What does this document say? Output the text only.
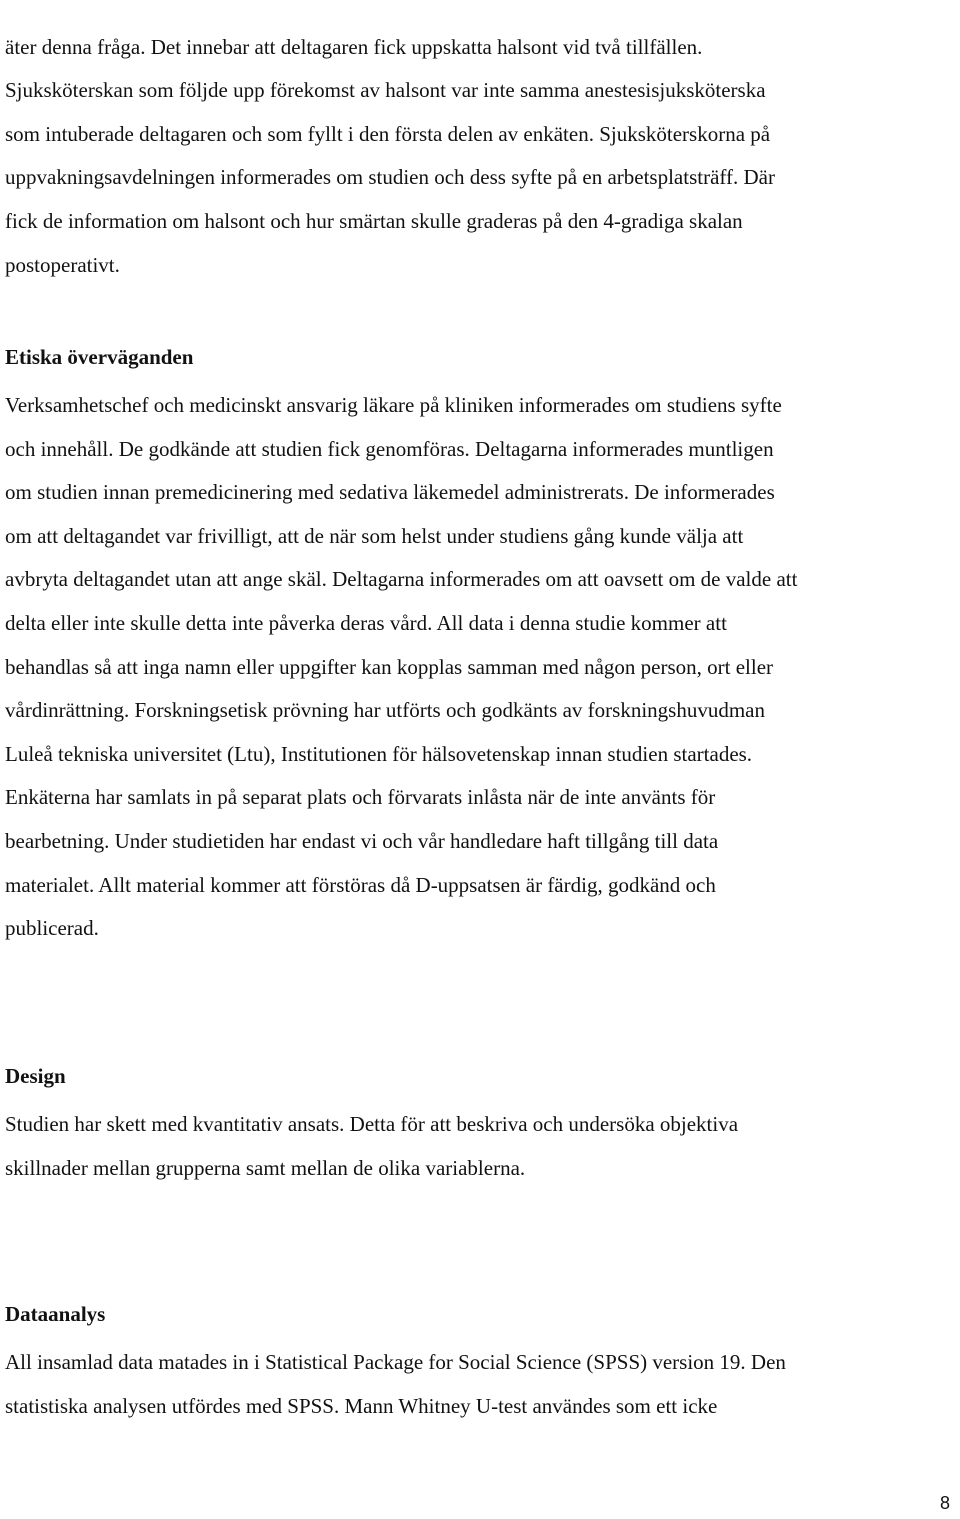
äter denna fråga. Det innebar att deltagaren fick uppskatta halsont vid två tillfällen.
Sjuksköterskan som följde upp förekomst av halsont var inte samma anestesisjuksköterska
som intuberade deltagaren och som fyllt i den första delen av enkäten. Sjuksköterskorna på
uppvakningsavdelningen informerades om studien och dess syfte på en arbetsplatsträff. Där
fick de information om halsont och hur smärtan skulle graderas på den 4-gradiga skalan
postoperativt.

Etiska överväganden

Verksamhetschef och medicinskt ansvarig läkare på kliniken informerades om studiens syfte
och innehåll. De godkände att studien fick genomföras. Deltagarna informerades muntligen
om studien innan premedicinering med sedativa läkemedel administrerats. De informerades
om att deltagandet var frivilligt, att de när som helst under studiens gång kunde välja att
avbryta deltagandet utan att ange skäl. Deltagarna informerades om att oavsett om de valde att
delta eller inte skulle detta inte påverka deras vård. All data i denna studie kommer att
behandlas så att inga namn eller uppgifter kan kopplas samman med någon person, ort eller
vårdinrättning. Forskningsetisk prövning har utförts och godkänts av forskningshuvudman
Luleå tekniska universitet (Ltu), Institutionen för hälsovetenskap innan studien startades.
Enkäterna har samlats in på separat plats och förvarats inlåsta när de inte använts för
bearbetning. Under studietiden har endast vi och vår handledare haft tillgång till data
materialet. Allt material kommer att förstöras då D-uppsatsen är färdig, godkänd och
publicerad.

Design

Studien har skett med kvantitativ ansats. Detta för att beskriva och undersöka objektiva
skillnader mellan grupperna samt mellan de olika variablerna.

Dataanalys

All insamlad data matades in i Statistical Package for Social Science (SPSS) version 19. Den
statistiska analysen utfördes med SPSS. Mann Whitney U-test användes som ett icke

8
